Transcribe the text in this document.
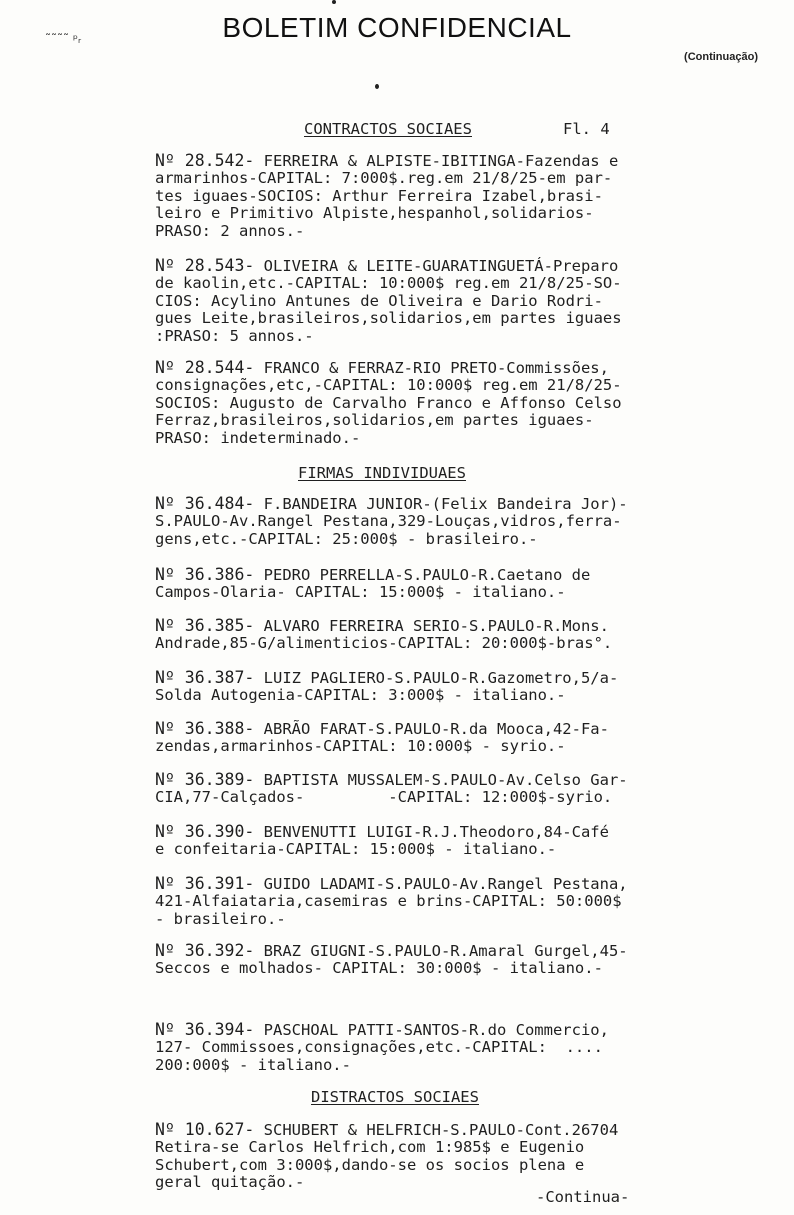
BOLETIM CONFIDENCIAL
(Continuação)
˜˜˜˜ ᵖᵣ
CONTRACTOS SOCIAES	Fl. 4
Nº 28.542- FERREIRA & ALPISTE-IBITINGA-Fazendas e
armarinhos-CAPITAL: 7:000$.reg.em 21/8/25-em par-
tes iguaes-SOCIOS: Arthur Ferreira Izabel,brasi-
leiro e Primitivo Alpiste,hespanhol,solidarios-
PRASO: 2 annos.-
Nº 28.543- OLIVEIRA & LEITE-GUARATINGUETÁ-Preparo
de kaolin,etc.-CAPITAL: 10:000$ reg.em 21/8/25-SO-
CIOS: Acylino Antunes de Oliveira e Dario Rodri-
gues Leite,brasileiros,solidarios,em partes iguaes
:PRASO: 5 annos.-
Nº 28.544- FRANCO & FERRAZ-RIO PRETO-Commissões,
consignações,etc,-CAPITAL: 10:000$ reg.em 21/8/25-
SOCIOS: Augusto de Carvalho Franco e Affonso Celso
Ferraz,brasileiros,solidarios,em partes iguaes-
PRASO: indeterminado.-
FIRMAS INDIVIDUAES
Nº 36.484- F.BANDEIRA JUNIOR-(Felix Bandeira Jor)-
S.PAULO-Av.Rangel Pestana,329-Louças,vidros,ferra-
gens,etc.-CAPITAL: 25:000$ - brasileiro.-
Nº 36.386- PEDRO PERRELLA-S.PAULO-R.Caetano de
Campos-Olaria- CAPITAL: 15:000$ - italiano.-
Nº 36.385- ALVARO FERREIRA SERIO-S.PAULO-R.Mons.
Andrade,85-G/alimenticios-CAPITAL: 20:000$-bras°.
Nº 36.387- LUIZ PAGLIERO-S.PAULO-R.Gazometro,5/a-
Solda Autogenia-CAPITAL: 3:000$ - italiano.-
Nº 36.388- ABRÃO FARAT-S.PAULO-R.da Mooca,42-Fa-
zendas,armarinhos-CAPITAL: 10:000$ - syrio.-
Nº 36.389- BAPTISTA MUSSALEM-S.PAULO-Av.Celso Gar-
CIA,77-Calçados-         -CAPITAL: 12:000$-syrio.
Nº 36.390- BENVENUTTI LUIGI-R.J.Theodoro,84-Café
e confeitaria-CAPITAL: 15:000$ - italiano.-
Nº 36.391- GUIDO LADAMI-S.PAULO-Av.Rangel Pestana,
421-Alfaiataria,casemiras e brins-CAPITAL: 50:000$
- brasileiro.-
Nº 36.392- BRAZ GIUGNI-S.PAULO-R.Amaral Gurgel,45-
Seccos e molhados- CAPITAL: 30:000$ - italiano.-
Nº 36.394- PASCHOAL PATTI-SANTOS-R.do Commercio,
127- Commissoes,consignações,etc.-CAPITAL:  ....
200:000$ - italiano.-
DISTRACTOS SOCIAES
Nº 10.627- SCHUBERT & HELFRICH-S.PAULO-Cont.26704
Retira-se Carlos Helfrich,com 1:985$ e Eugenio
Schubert,com 3:000$,dando-se os socios plena e
geral quitação.-
-Continua-
